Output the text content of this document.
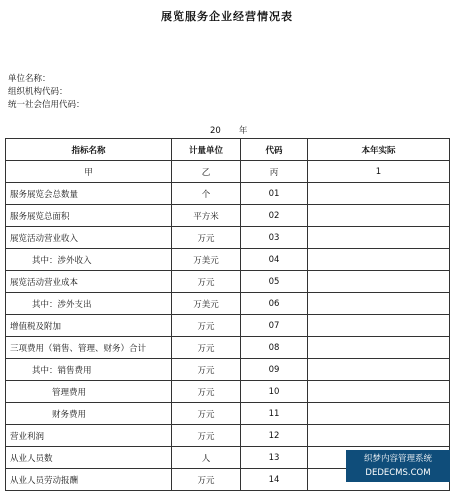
展览服务企业经营情况表
单位名称：
组织机构代码：
统一社会信用代码：
20 年
指标名称	计量单位	代码	本年实际
甲	乙	丙	1
服务展览会总数量	个	01	
服务展览总面积	平方米	02	
展览活动营业收入	万元	03	
其中：涉外收入	万美元	04	
展览活动营业成本	万元	05	
其中：涉外支出	万美元	06	
增值税及附加	万元	07	
三项费用（销售、管理、财务）合计	万元	08	
其中：销售费用	万元	09	
管理费用	万元	10	
财务费用	万元	11	
营业利润	万元	12	
从业人员数	人	13	
从业人员劳动报酬	万元	14	
织梦内容管理系统
DEDECMS.COM
